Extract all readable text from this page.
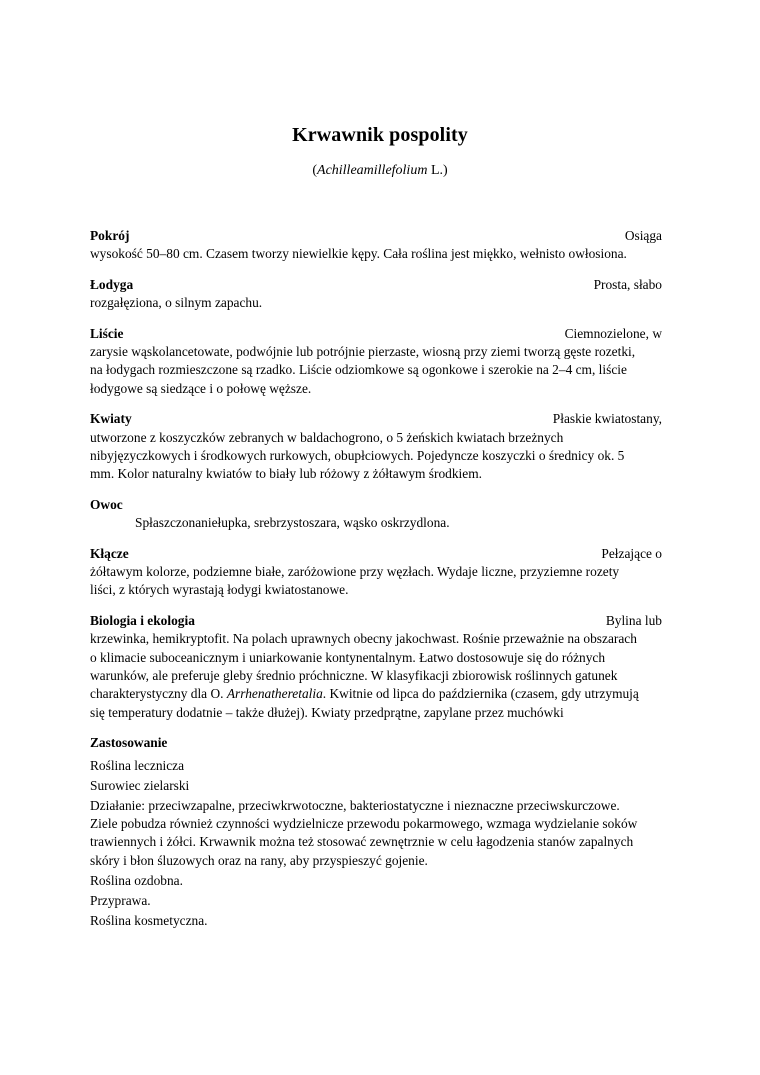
Krwawnik pospolity
(Achilleamillefolium L.)
Pokrój	Osiąga
wysokość 50–80 cm. Czasem tworzy niewielkie kępy. Cała roślina jest miękko, wełnisto owłosiona.
Łodyga	Prosta, słabo
rozgałęziona, o silnym zapachu.
Liście	Ciemnozielone, w
zarysie wąskolancetowate, podwójnie lub potrójnie pierzaste, wiosną przy ziemi tworzą gęste rozetki,
na łodygach rozmieszczone są rzadko. Liście odziomkowe są ogonkowe i szerokie na 2–4 cm, liście
łodygowe są siedzące i o połowę węższe.
Kwiaty	Płaskie kwiatostany,
utworzone z koszyczków zebranych w baldachogrono, o 5 żeńskich kwiatach brzeżnych
nibyjęzyczkowych i środkowych rurkowych, obupłciowych. Pojedyncze koszyczki o średnicy ok. 5
mm. Kolor naturalny kwiatów to biały lub różowy z żółtawym środkiem.
Owoc
Spłaszczonaniełupka, srebrzystoszara, wąsko oskrzydlona.
Kłącze	Pełzające o
żółtawym kolorze, podziemne białe, zaróżowione przy węzłach. Wydaje liczne, przyziemne rozety
liści, z których wyrastają łodygi kwiatostanowe.
Biologia i ekologia	Bylina lub
krzewinka, hemikryptofit. Na polach uprawnych obecny jakochwast. Rośnie przeważnie na obszarach
o klimacie suboceanicznym i uniarkowanie kontynentalnym. Łatwo dostosowuje się do różnych
warunków, ale preferuje gleby średnio próchniczne. W klasyfikacji zbiorowisk roślinnych gatunek
charakterystyczny dla O. Arrhenatheretalia. Kwitnie od lipca do października (czasem, gdy utrzymują
się temperatury dodatnie – także dłużej). Kwiaty przedprątne, zapylane przez muchówki
Zastosowanie
Roślina lecznicza
Surowiec zielarski
Działanie: przeciwzapalne, przeciwkrwotoczne, bakteriostatyczne i nieznaczne przeciwskurczowe.
Ziele pobudza również czynności wydzielnicze przewodu pokarmowego, wzmaga wydzielanie soków
trawiennych i żółci. Krwawnik można też stosować zewnętrznie w celu łagodzenia stanów zapalnych
skóry i błon śluzowych oraz na rany, aby przyspieszyć gojenie.
Roślina ozdobna.
Przyprawa.
Roślina kosmetyczna.
